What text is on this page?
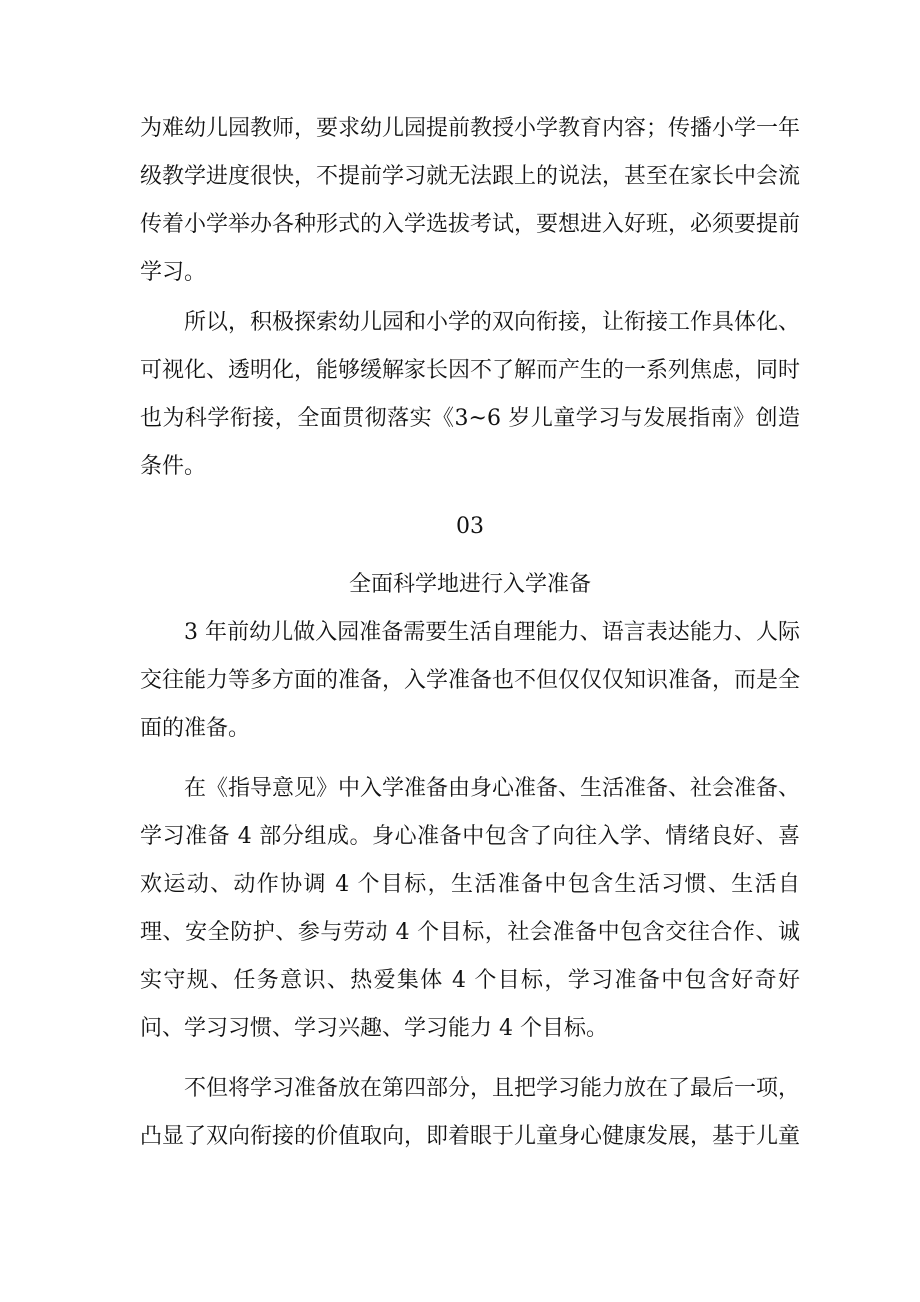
为难幼儿园教师，要求幼儿园提前教授小学教育内容；传播小学一年级教学进度很快，不提前学习就无法跟上的说法，甚至在家长中会流传着小学举办各种形式的入学选拔考试，要想进入好班，必须要提前学习。

所以，积极探索幼儿园和小学的双向衔接，让衔接工作具体化、可视化、透明化，能够缓解家长因不了解而产生的一系列焦虑，同时也为科学衔接，全面贯彻落实《3~6 岁儿童学习与发展指南》创造条件。

03
全面科学地进行入学准备

3 年前幼儿做入园准备需要生活自理能力、语言表达能力、人际交往能力等多方面的准备，入学准备也不但仅仅仅知识准备，而是全面的准备。

在《指导意见》中入学准备由身心准备、生活准备、社会准备、学习准备 4 部分组成。身心准备中包含了向往入学、情绪良好、喜欢运动、动作协调 4 个目标，生活准备中包含生活习惯、生活自理、安全防护、参与劳动 4 个目标，社会准备中包含交往合作、诚实守规、任务意识、热爱集体 4 个目标，学习准备中包含好奇好问、学习习惯、学习兴趣、学习能力 4 个目标。

不但将学习准备放在第四部分，且把学习能力放在了最后一项，凸显了双向衔接的价值取向，即着眼于儿童身心健康发展，基于儿童
